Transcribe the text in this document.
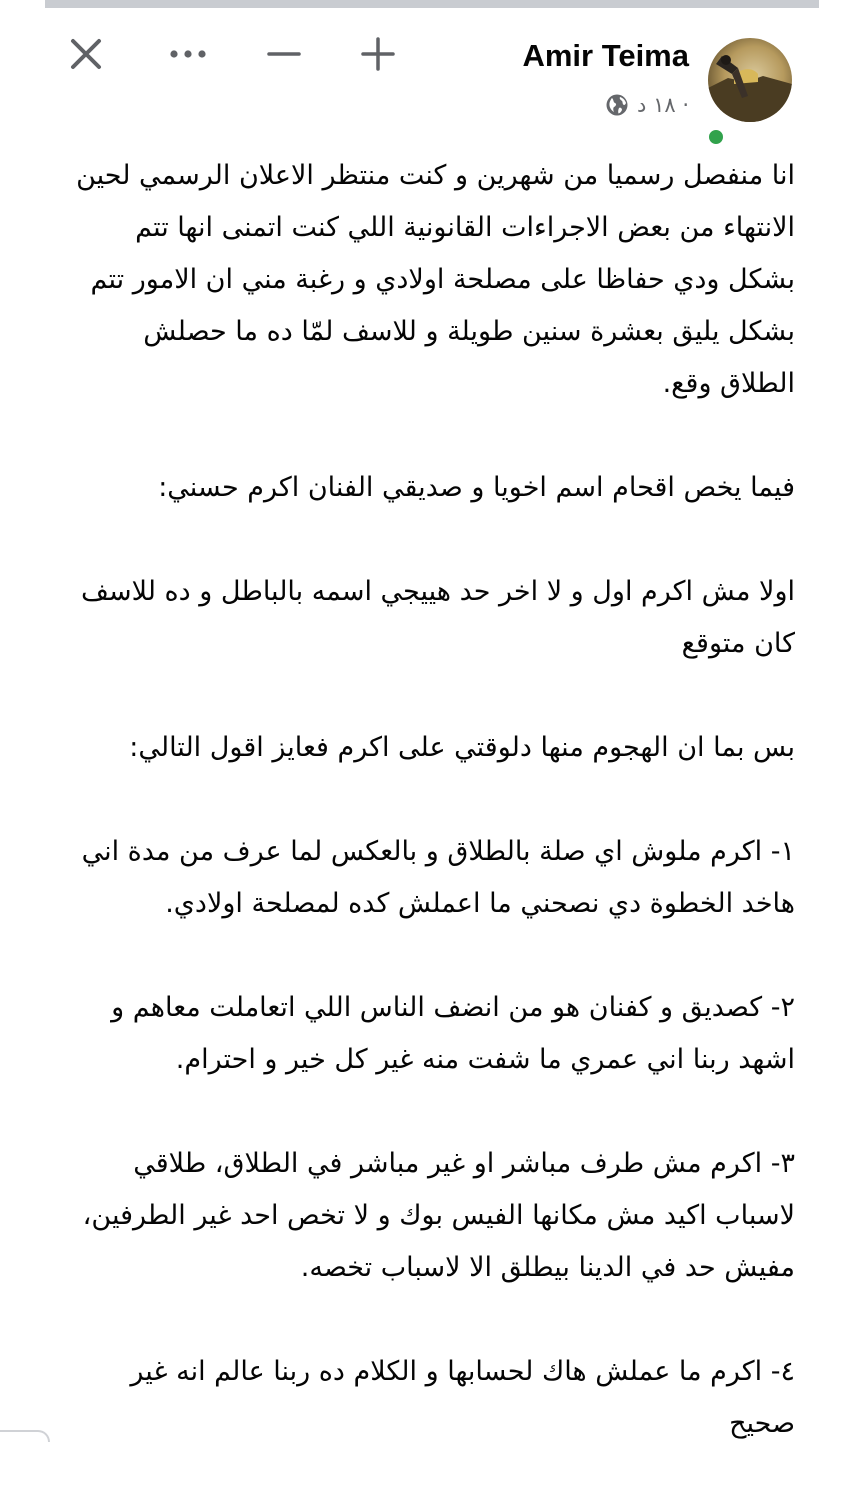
Amir Teima
١٨ د ·

انا منفصل رسميا من شهرين و كنت منتظر الاعلان الرسمي لحين الانتهاء من بعض الاجراءات القانونية اللي كنت اتمنى انها تتم بشكل ودي حفاظا على مصلحة اولادي و رغبة مني ان الامور تتم بشكل يليق بعشرة سنين طويلة و للاسف لمّا ده ما حصلش الطلاق وقع.

فيما يخص اقحام اسم اخويا و صديقي الفنان اكرم حسني:

اولا مش اكرم اول و لا اخر حد هييجي اسمه بالباطل و ده للاسف كان متوقع

بس بما ان الهجوم منها دلوقتي على اكرم فعايز اقول التالي:

١- اكرم ملوش اي صلة بالطلاق و بالعكس لما عرف من مدة اني هاخد الخطوة دي نصحني ما اعملش كده لمصلحة اولادي.

٢- كصديق و كفنان هو من انضف الناس اللي اتعاملت معاهم و اشهد ربنا اني عمري ما شفت منه غير كل خير و احترام.

٣- اكرم مش طرف مباشر او غير مباشر في الطلاق، طلاقي لاسباب اكيد مش مكانها الفيس بوك و لا تخص احد غير الطرفين، مفيش حد في الدينا بيطلق الا لاسباب تخصه.

٤- اكرم ما عملش هاك لحسابها و الكلام ده ربنا عالم انه غير صحيح
